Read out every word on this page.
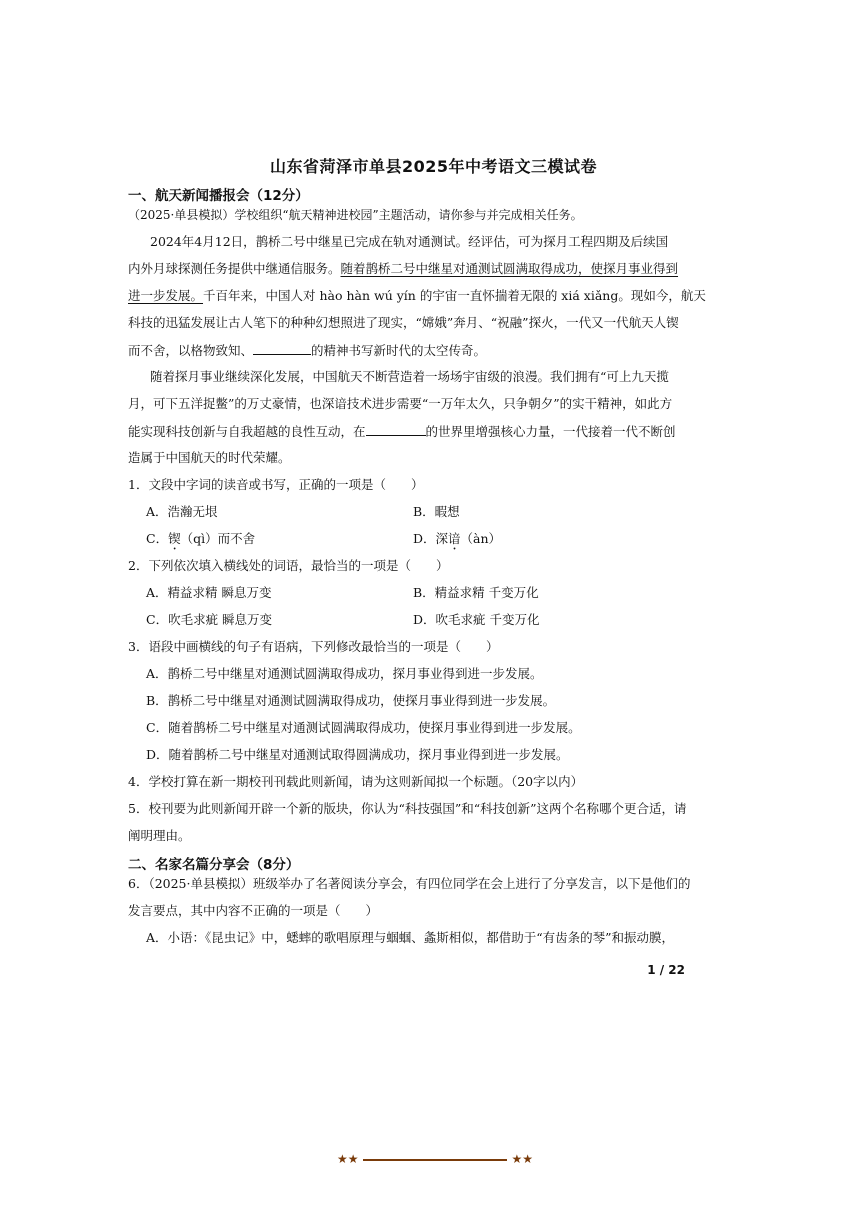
山东省菏泽市单县2025年中考语文三模试卷
一、航天新闻播报会（12分）
（2025·单县模拟）学校组织“航天精神进校园”主题活动，请你参与并完成相关任务。
2024年4月12日，鹊桥二号中继星已完成在轨对通测试。经评估，可为探月工程四期及后续国
内外月球探测任务提供中继通信服务。随着鹊桥二号中继星对通测试圆满取得成功，使探月事业得到
进一步发展。千百年来，中国人对 hào hàn wú yín 的宇宙一直怀揣着无限的 xiá xiǎng。现如今，航天
科技的迅猛发展让古人笔下的种种幻想照进了现实，“嫦娥”奔月、“祝融”探火，一代又一代航天人锲
而不舍，以格物致知、	的精神书写新时代的太空传奇。
随着探月事业继续深化发展，中国航天不断营造着一场场宇宙级的浪漫。我们拥有“可上九天揽
月，可下五洋捉鳖”的万丈豪情，也深谙技术进步需要“一万年太久，只争朝夕”的实干精神，如此方
能实现科技创新与自我超越的良性互动，在	的世界里增强核心力量，一代接着一代不断创
造属于中国航天的时代荣耀。
1．文段中字词的读音或书写，正确的一项是（　　）
A．浩瀚无垠	B．暇想
C．锲（qì）而不舍	D．深谙（àn）
2．下列依次填入横线处的词语，最恰当的一项是（　　）
A．精益求精 瞬息万变	B．精益求精 千变万化
C．吹毛求疵 瞬息万变	D．吹毛求疵 千变万化
3．语段中画横线的句子有语病，下列修改最恰当的一项是（　　）
A．鹊桥二号中继星对通测试圆满取得成功，探月事业得到进一步发展。
B．鹊桥二号中继星对通测试圆满取得成功，使探月事业得到进一步发展。
C．随着鹊桥二号中继星对通测试圆满取得成功，使探月事业得到进一步发展。
D．随着鹊桥二号中继星对通测试取得圆满成功，探月事业得到进一步发展。
4．学校打算在新一期校刊刊载此则新闻，请为这则新闻拟一个标题。（20字以内）
5．校刊要为此则新闻开辟一个新的版块，你认为“科技强国”和“科技创新”这两个名称哪个更合适，请
阐明理由。
二、名家名篇分享会（8分）
6．（2025·单县模拟）班级举办了名著阅读分享会，有四位同学在会上进行了分享发言，以下是他们的
发言要点，其中内容不正确的一项是（　　）
A．小语：《昆虫记》中，蟋蟀的歌唱原理与蝈蝈、螽斯相似，都借助于“有齿条的琴”和振动膜，
1 / 22
★★	★★
